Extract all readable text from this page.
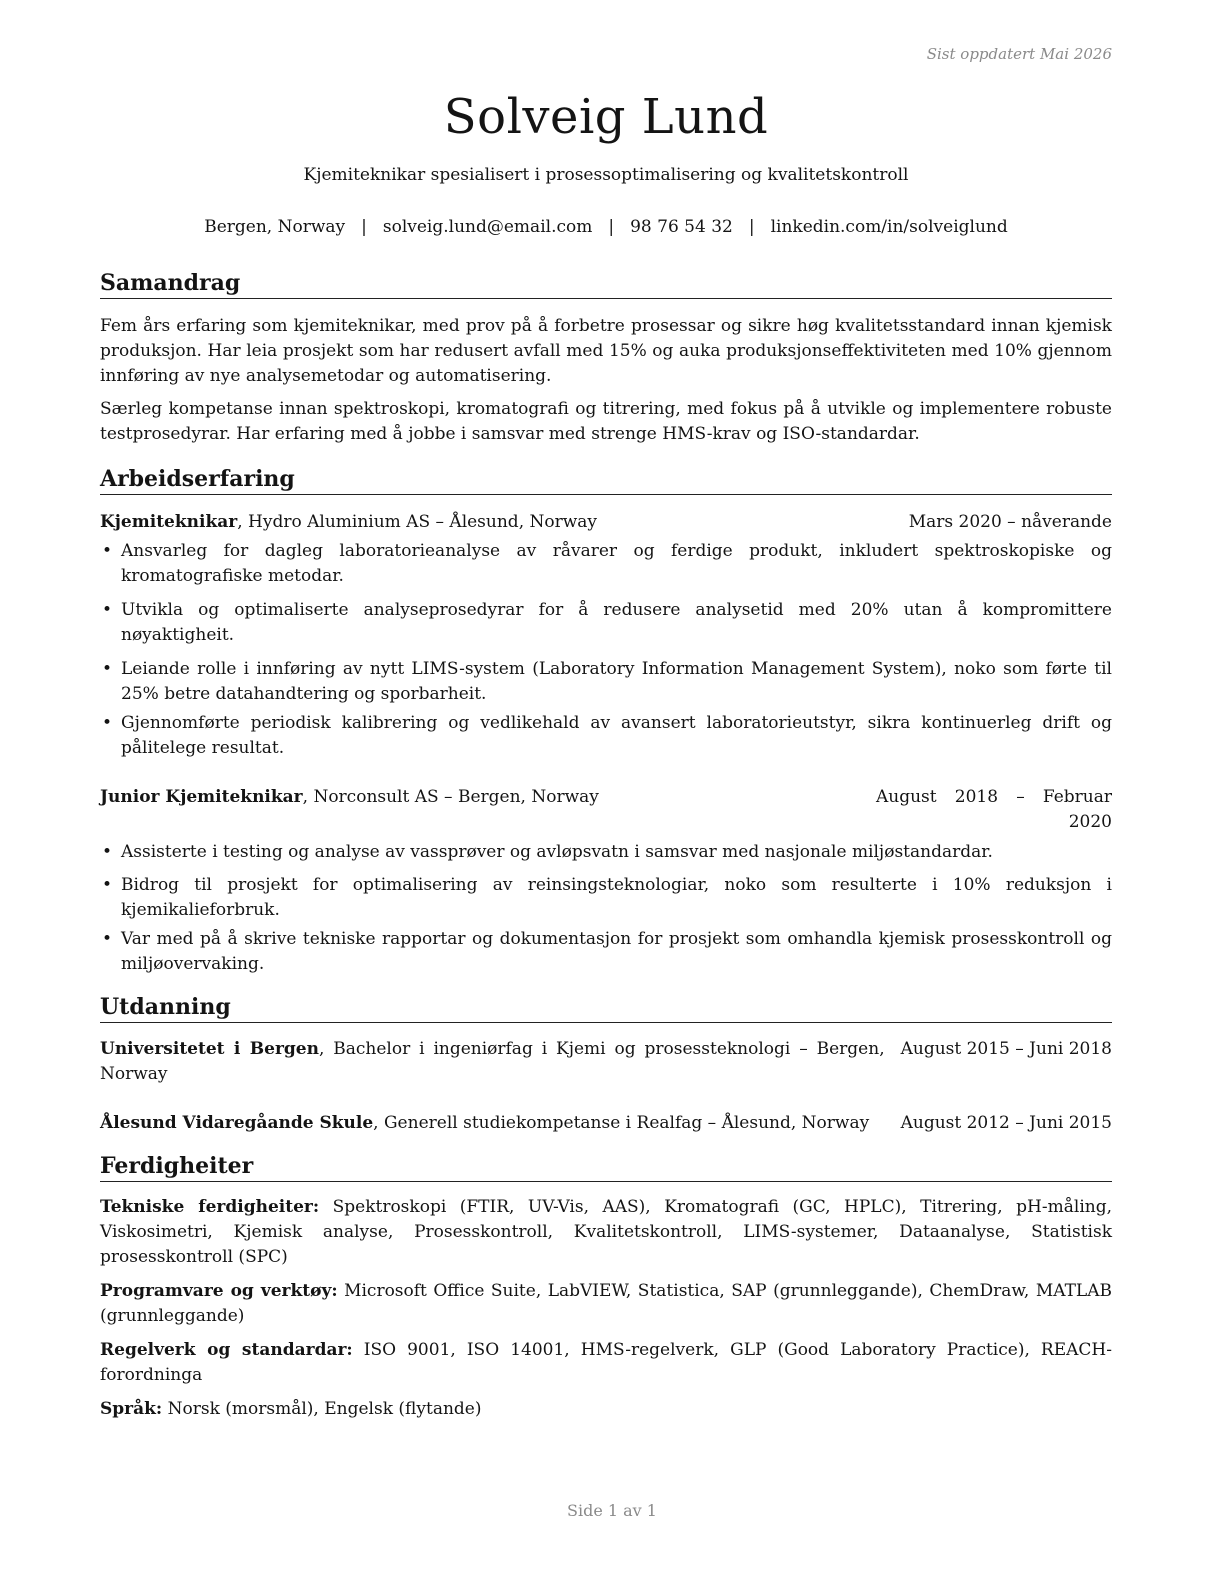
Sist oppdatert Mai 2026
Solveig Lund
Kjemiteknikar spesialisert i prosessoptimalisering og kvalitetskontroll
Bergen, Norway | solveig.lund@email.com | 98 76 54 32 | linkedin.com/in/solveiglund
Samandrag

Fem års erfaring som kjemiteknikar, med prov på å forbetre prosessar og sikre høg kvalitetsstandard innan kjemisk produksjon. Har leia prosjekt som har redusert avfall med 15% og auka produksjonseffektiviteten med 10% gjennom innføring av nye analysemetodar og automatisering.

Særleg kompetanse innan spektroskopi, kromatografi og titrering, med fokus på å utvikle og implementere robuste testprosedyrar. Har erfaring med å jobbe i samsvar med strenge HMS-krav og ISO-standardar.

Arbeidserfaring
Kjemiteknikar, Hydro Aluminium AS – Ålesund, Norway	Mars 2020 – nåverande
• Ansvarleg for dagleg laboratorieanalyse av råvarer og ferdige produkt, inkludert spektroskopiske og kromatografiske metodar.
• Utvikla og optimaliserte analyseprosedyrar for å redusere analysetid med 20% utan å kompromittere nøyaktigheit.
• Leiande rolle i innføring av nytt LIMS-system (Laboratory Information Management System), noko som førte til 25% betre datahandtering og sporbarheit.
• Gjennomførte periodisk kalibrering og vedlikehald av avansert laboratorieutstyr, sikra kontinuerleg drift og pålitelege resultat.
Junior Kjemiteknikar, Norconsult AS – Bergen, Norway	August 2018 – Februar 2020
• Assisterte i testing og analyse av vassprøver og avløpsvatn i samsvar med nasjonale miljøstandardar.
• Bidrog til prosjekt for optimalisering av reinsingsteknologiar, noko som resulterte i 10% reduksjon i kjemikalieforbruk.
• Var med på å skrive tekniske rapportar og dokumentasjon for prosjekt som omhandla kjemisk prosesskontroll og miljøovervaking.
Utdanning
Universitetet i Bergen, Bachelor i ingeniørfag i Kjemi og prosessteknologi – Bergen, Norway
August 2015 – Juni 2018
Ålesund Vidaregåande Skule, Generell studiekompetanse i Realfag – Ålesund, Norway	August 2012 – Juni 2015
Ferdigheiter

Tekniske ferdigheiter: Spektroskopi (FTIR, UV-Vis, AAS), Kromatografi (GC, HPLC), Titrering, pH-måling, Viskosimetri, Kjemisk analyse, Prosesskontroll, Kvalitetskontroll, LIMS-systemer, Dataanalyse, Statistisk prosesskontroll (SPC)

Programvare og verktøy: Microsoft Office Suite, LabVIEW, Statistica, SAP (grunnleggande), ChemDraw, MATLAB (grunnleggande)

Regelverk og standardar: ISO 9001, ISO 14001, HMS-regelverk, GLP (Good Laboratory Practice), REACH-forordninga

Språk: Norsk (morsmål), Engelsk (flytande)

Side 1 av 1
